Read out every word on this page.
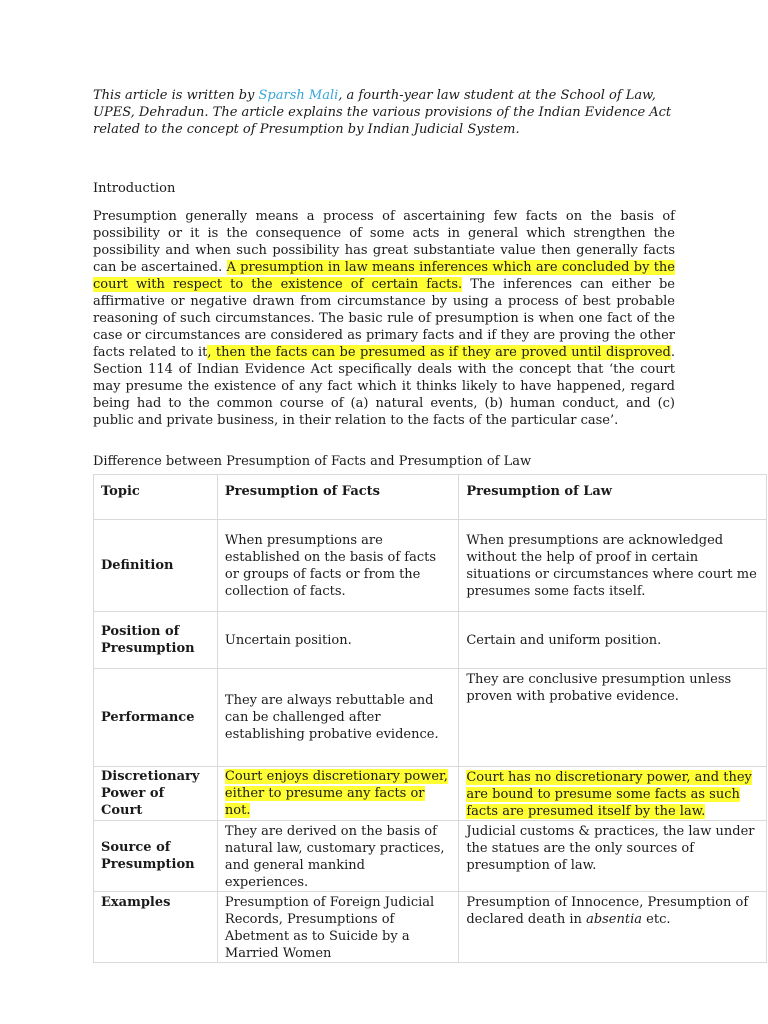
This article is written by Sparsh Mali, a fourth-year law student at the School of Law, UPES, Dehradun. The article explains the various provisions of the Indian Evidence Act related to the concept of Presumption by Indian Judicial System.

Introduction

Presumption generally means a process of ascertaining few facts on the basis of possibility or it is the consequence of some acts in general which strengthen the possibility and when such possibility has great substantiate value then generally facts can be ascertained. A presumption in law means inferences which are concluded by the court with respect to the existence of certain facts. The inferences can either be affirmative or negative drawn from circumstance by using a process of best probable reasoning of such circumstances. The basic rule of presumption is when one fact of the case or circumstances are considered as primary facts and if they are proving the other facts related to it, then the facts can be presumed as if they are proved until disproved. Section 114 of Indian Evidence Act specifically deals with the concept that ‘the court may presume the existence of any fact which it thinks likely to have happened, regard being had to the common course of (a) natural events, (b) human conduct, and (c) public and private business, in their relation to the facts of the particular case’.

Difference between Presumption of Facts and Presumption of Law
Topic	Presumption of Facts	Presumption of Law
Definition	When presumptions are established on the basis of facts or groups of facts or from the collection of facts.	When presumptions are acknowledged without the help of proof in certain situations or circumstances where court me presumes some facts itself.
Position of Presumption	Uncertain position.	Certain and uniform position.
Performance	They are always rebuttable and can be challenged after establishing probative evidence.	They are conclusive presumption unless proven with probative evidence.
Discretionary Power of Court	Court enjoys discretionary power, either to presume any facts or not.	Court has no discretionary power, and they are bound to presume some facts as such facts are presumed itself by the law.
Source of Presumption	They are derived on the basis of natural law, customary practices, and general mankind experiences.	Judicial customs & practices, the law under the statues are the only sources of presumption of law.
Examples	Presumption of Foreign Judicial Records, Presumptions of Abetment as to Suicide by a Married Women	Presumption of Innocence, Presumption of declared death in absentia etc.
